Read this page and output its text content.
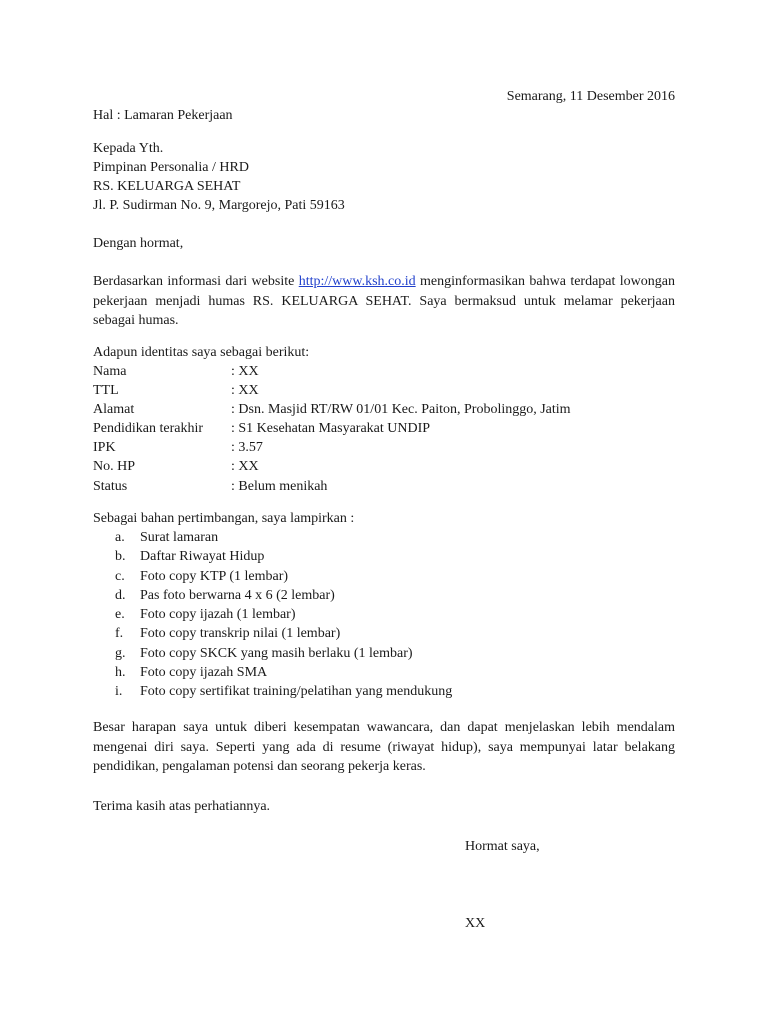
Semarang, 11 Desember 2016
Hal : Lamaran Pekerjaan
Kepada Yth.
Pimpinan Personalia / HRD
RS. KELUARGA SEHAT
Jl. P. Sudirman No. 9, Margorejo, Pati 59163
Dengan hormat,
Berdasarkan informasi dari website http://www.ksh.co.id menginformasikan bahwa terdapat lowongan pekerjaan menjadi humas RS. KELUARGA SEHAT. Saya bermaksud untuk melamar pekerjaan sebagai humas.
Adapun identitas saya sebagai berikut:
Nama	: XX
TTL	: XX
Alamat	: Dsn. Masjid RT/RW 01/01 Kec. Paiton, Probolinggo, Jatim
Pendidikan terakhir : S1 Kesehatan Masyarakat UNDIP
IPK	: 3.57
No. HP	: XX
Status	: Belum menikah
Sebagai bahan pertimbangan, saya lampirkan :
a. Surat lamaran
b. Daftar Riwayat Hidup
c. Foto copy KTP (1 lembar)
d. Pas foto berwarna 4 x 6 (2 lembar)
e. Foto copy ijazah (1 lembar)
f. Foto copy transkrip nilai (1 lembar)
g. Foto copy SKCK yang masih berlaku (1 lembar)
h. Foto copy ijazah SMA
i. Foto copy sertifikat training/pelatihan yang mendukung
Besar harapan saya untuk diberi kesempatan wawancara, dan dapat menjelaskan lebih mendalam mengenai diri saya. Seperti yang ada di resume (riwayat hidup), saya mempunyai latar belakang pendidikan, pengalaman potensi dan seorang pekerja keras.
Terima kasih atas perhatiannya.
Hormat saya,
XX
